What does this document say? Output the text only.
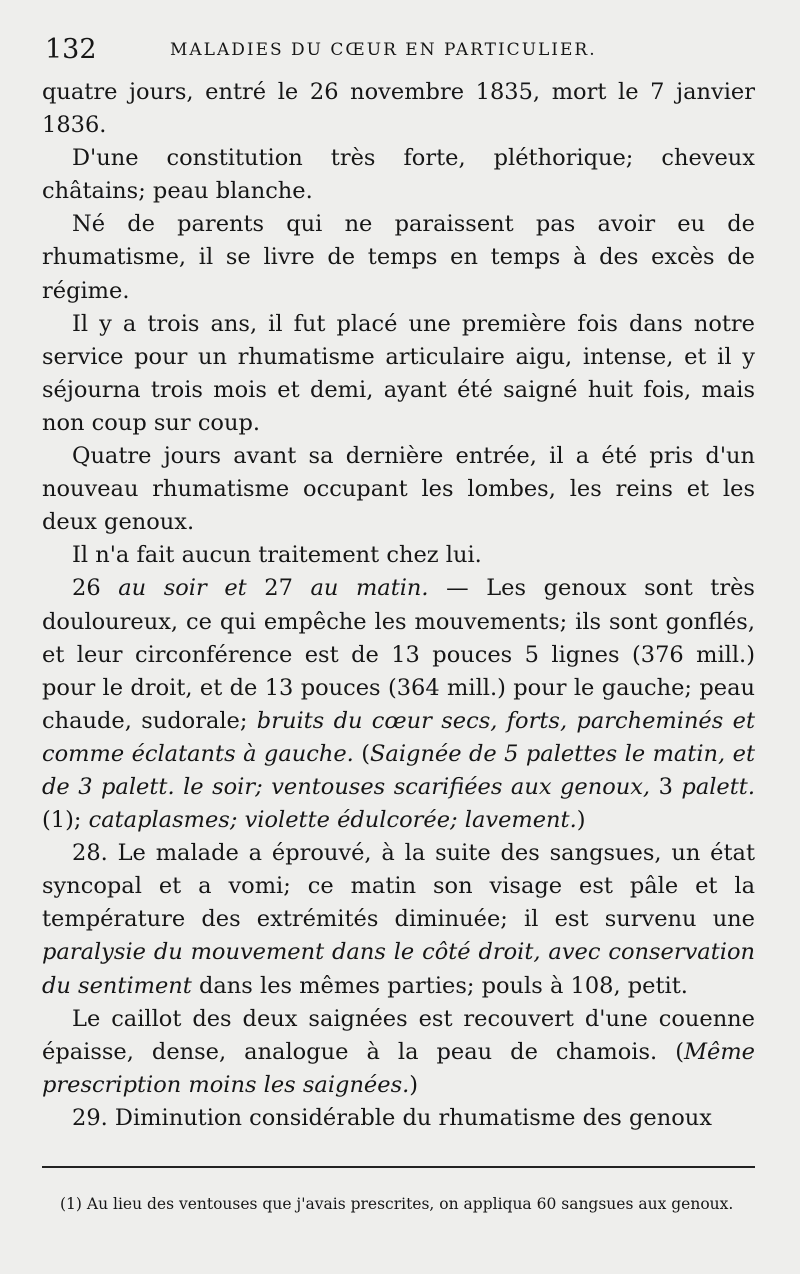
132	MALADIES DU CŒUR EN PARTICULIER.

quatre jours, entré le 26 novembre 1835, mort le 7 janvier 1836.

D'une constitution très forte, pléthorique; cheveux châtains; peau blanche.

Né de parents qui ne paraissent pas avoir eu de rhumatisme, il se livre de temps en temps à des excès de régime.

Il y a trois ans, il fut placé une première fois dans notre service pour un rhumatisme articulaire aigu, intense, et il y séjourna trois mois et demi, ayant été saigné huit fois, mais non coup sur coup.

Quatre jours avant sa dernière entrée, il a été pris d'un nouveau rhumatisme occupant les lombes, les reins et les deux genoux.

Il n'a fait aucun traitement chez lui.

26 au soir et 27 au matin. — Les genoux sont très douloureux, ce qui empêche les mouvements; ils sont gonflés, et leur circonférence est de 13 pouces 5 lignes (376 mill.) pour le droit, et de 13 pouces (364 mill.) pour le gauche; peau chaude, sudorale; bruits du cœur secs, forts, parcheminés et comme éclatants à gauche. (Saignée de 5 palettes le matin, et de 3 palett. le soir; ventouses scarifiées aux genoux, 3 palett. (1); cataplasmes; violette édulcorée; lavement.)

28. Le malade a éprouvé, à la suite des sangsues, un état syncopal et a vomi; ce matin son visage est pâle et la température des extrémités diminuée; il est survenu une paralysie du mouvement dans le côté droit, avec conservation du sentiment dans les mêmes parties; pouls à 108, petit.

Le caillot des deux saignées est recouvert d'une couenne épaisse, dense, analogue à la peau de chamois. (Même prescription moins les saignées.)

29. Diminution considérable du rhumatisme des genoux

(1) Au lieu des ventouses que j'avais prescrites, on appliqua 60 sangsues aux genoux.
